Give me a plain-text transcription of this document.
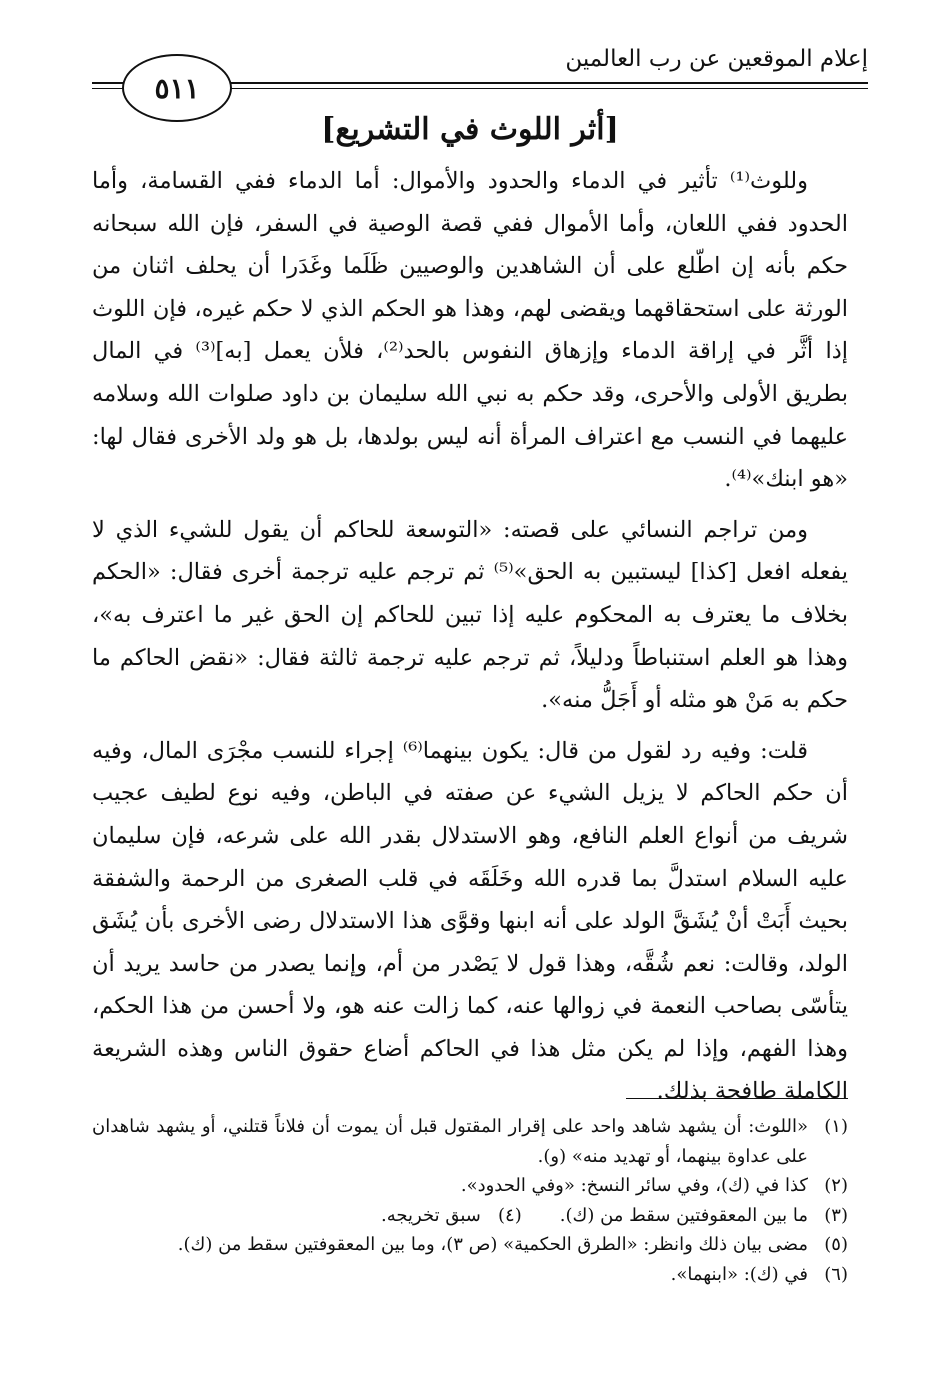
إعلام الموقعين عن رب العالمين
٥١١
[أثر اللوث في التشريع]

وللوث⁽¹⁾ تأثير في الدماء والحدود والأموال: أما الدماء ففي القسامة، وأما الحدود ففي اللعان، وأما الأموال ففي قصة الوصية في السفر، فإن الله سبحانه حكم بأنه إن اطّلع على أن الشاهدين والوصيين ظَلَما وغَدَرا أن يحلف اثنان من الورثة على استحقاقهما ويقضى لهم، وهذا هو الحكم الذي لا حكم غيره، فإن اللوث إذا أثَّر في إراقة الدماء وإزهاق النفوس بالحد⁽²⁾، فلأن يعمل [به]⁽³⁾ في المال بطريق الأولى والأحرى، وقد حكم به نبي الله سليمان بن داود صلوات الله وسلامه عليهما في النسب مع اعتراف المرأة أنه ليس بولدها، بل هو ولد الأخرى فقال لها: «هو ابنك»⁽⁴⁾.

ومن تراجم النسائي على قصته: «التوسعة للحاكم أن يقول للشيء الذي لا يفعله افعل [كذا] ليستبين به الحق»⁽⁵⁾ ثم ترجم عليه ترجمة أخرى فقال: «الحكم بخلاف ما يعترف به المحكوم عليه إذا تبين للحاكم إن الحق غير ما اعترف به»، وهذا هو العلم استنباطاً ودليلاً، ثم ترجم عليه ترجمة ثالثة فقال: «نقض الحاكم ما حكم به مَنْ هو مثله أو أَجَلُّ منه».

قلت: وفيه رد لقول من قال: يكون بينهما⁽⁶⁾ إجراء للنسب مجْرَى المال، وفيه أن حكم الحاكم لا يزيل الشيء عن صفته في الباطن، وفيه نوع لطيف عجيب شريف من أنواع العلم النافع، وهو الاستدلال بقدر الله على شرعه، فإن سليمان عليه السلام استدلَّ بما قدره الله وخَلَقَه في قلب الصغرى من الرحمة والشفقة بحيث أَبَتْ أنْ يُشَقَّ الولد على أنه ابنها وقوَّى هذا الاستدلال رضى الأخرى بأن يُشَق الولد، وقالت: نعم شُقَّه، وهذا قول لا يَصْدر من أم، وإنما يصدر من حاسد يريد أن يتأسّى بصاحب النعمة في زوالها عنه، كما زالت عنه هو، ولا أحسن من هذا الحكم، وهذا الفهم، وإذا لم يكن مثل هذا في الحاكم أضاع حقوق الناس وهذه الشريعة الكاملة طافحة بذلك.

(١)
«اللوث: أن يشهد شاهد واحد على إقرار المقتول قبل أن يموت أن فلاناً قتلني، أو يشهد شاهدان على عداوة بينهما، أو تهديد منه» (و).
(٢)
كذا في (ك)، وفي سائر النسخ: «وفي الحدود».
(٣)
ما بين المعقوفتين سقط من (ك).(٤)   سبق تخريجه.
(٥)
مضى بيان ذلك وانظر: «الطرق الحكمية» (ص ٣)، وما بين المعقوفتين سقط من (ك).
(٦)
في (ك): «ابنهما».
